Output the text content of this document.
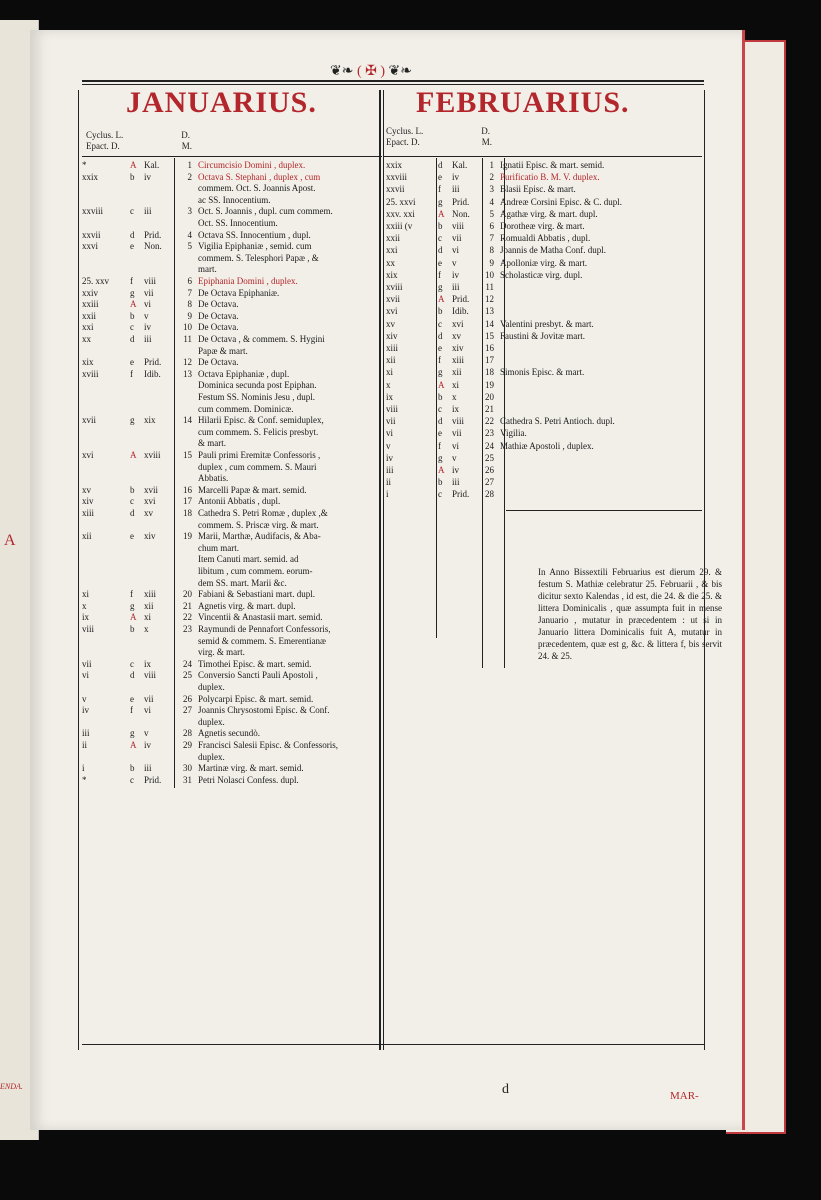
A
ENDA.
❦❧ ( ✠ ) ❦❧
JANUARIUS.	FEBRUARIUS.
Cyclus. L.	D.
Epact. D.	M.
Cyclus. L.	D.
Epact. D.	M.
*	A Kal.	1 Circumcisio Domini , duplex.
xxix	b iv	2 Octava S. Stephani , duplex , cum
commem. Oct. S. Joannis Apost.
ac SS. Innocentium.
xxviii	c iii	3 Oct. S. Joannis , dupl. cum commem.
Oct. SS. Innocentium.
xxvii	d Prid.	4 Octava SS. Innocentium , dupl.
xxvi	e Non.	5 Vigilia Epiphaniæ , semid. cum
commem. S. Telesphori Papæ , &
mart.
25. xxv f viii	6 Epiphania Domini , duplex.
xxiv	g vii	7 De Octava Epiphaniæ.
xxiii	A vi	8 De Octava.
xxii	b v	9 De Octava.
xxi	c iv	10 De Octava.
xx	d iii	11 De Octava , & commem. S. Hygini
Papæ & mart.
xix	e Prid.	12 De Octava.
xviii	f Idib.	13 Octava Epiphaniæ , dupl.
Dominica secunda post Epiphan.
Festum SS. Nominis Jesu , dupl.
cum commem. Dominicæ.
xvii	g xix	14 Hilarii Episc. & Conf. semiduplex,
cum commem. S. Felicis presbyt.
& mart.
xvi	A xviii	15 Pauli primi Eremitæ Confessoris ,
duplex , cum commem. S. Mauri
Abbatis.
xv	b xvii	16 Marcelli Papæ & mart. semid.
xiv	c xvi	17 Antonii Abbatis , dupl.
xiii	d xv	18 Cathedra S. Petri Romæ , duplex ,&
commem. S. Priscæ virg. & mart.
xii	e xiv	19 Marii, Marthæ, Audifacis, & Aba-
chum mart.
Item Canuti mart. semid. ad
libitum , cum commem. eorum-
dem SS. mart. Marii &c.
xi	f xiii	20 Fabiani & Sebastiani mart. dupl.
x	g xii	21 Agnetis virg. & mart. dupl.
ix	A xi	22 Vincentii & Anastasii mart. semid.
viii	b x	23 Raymundi de Pennafort Confessoris,
semid & commem. S. Emerentianæ
virg. & mart.
vii	c ix	24 Timothei Episc. & mart. semid.
vi	d viii	25 Conversio Sancti Pauli Apostoli ,
duplex.
v	e vii	26 Polycarpi Episc. & mart. semid.
iv	f vi	27 Joannis Chrysostomi Episc. & Conf.
duplex.
iii	g v	28 Agnetis secundò.
ii	A iv	29 Francisci Salesii Episc. & Confessoris,
duplex.
i	b iii	30 Martinæ virg. & mart. semid.
*	c Prid.	31 Petri Nolasci Confess. dupl.
xxix	d Kal.	1 Ignatii Episc. & mart. semid.
xxviii	e iv	2 Purificatio B. M. V. duplex.
xxvii	f iii	3 Blasii Episc. & mart.
25. xxvi g Prid.	4 Andreæ Corsini Episc. & C. dupl.
xxv. xxi	A Non.	5 Agathæ virg. & mart. dupl.
xxiii (v	b viii	6 Dorotheæ virg. & mart.
xxii	c vii	7 Romualdi Abbatis , dupl.
xxi	d vi	8 Joannis de Matha Conf. dupl.
xx	e v	9 Apolloniæ virg. & mart.
xix	f iv	10 Scholasticæ virg. dupl.
xviii	g iii	11
xvii	A Prid.	12
xvi	b Idib.	13
xv	c xvi	14 Valentini presbyt. & mart.
xiv	d xv	15 Faustini & Jovitæ mart.
xiii	e xiv	16
xii	f xiii	17
xi	g xii	18 Simonis Episc. & mart.
x	A xi	19
ix	b x	20
viii	c ix	21
vii	d viii	22 Cathedra S. Petri Antioch. dupl.
vi	e vii	23 Vigilia.
v	f vi	24 Mathiæ Apostoli , duplex.
iv	g v	25
iii	A iv	26
ii	b iii	27
i	c Prid.	28
In Anno Bissextili Februarius est dierum 29. & festum S. Mathiæ celebratur 25. Februarii , & bis dicitur sexto Kalendas , id est, die 24. & die 25. & littera Dominicalis , quæ assumpta fuit in mense Januario , mutatur in præcedentem : ut si in Januario littera Dominicalis fuit A, mutatur in præcedentem, quæ est g, &c. & littera f, bis servit 24. & 25.
d	MAR-
